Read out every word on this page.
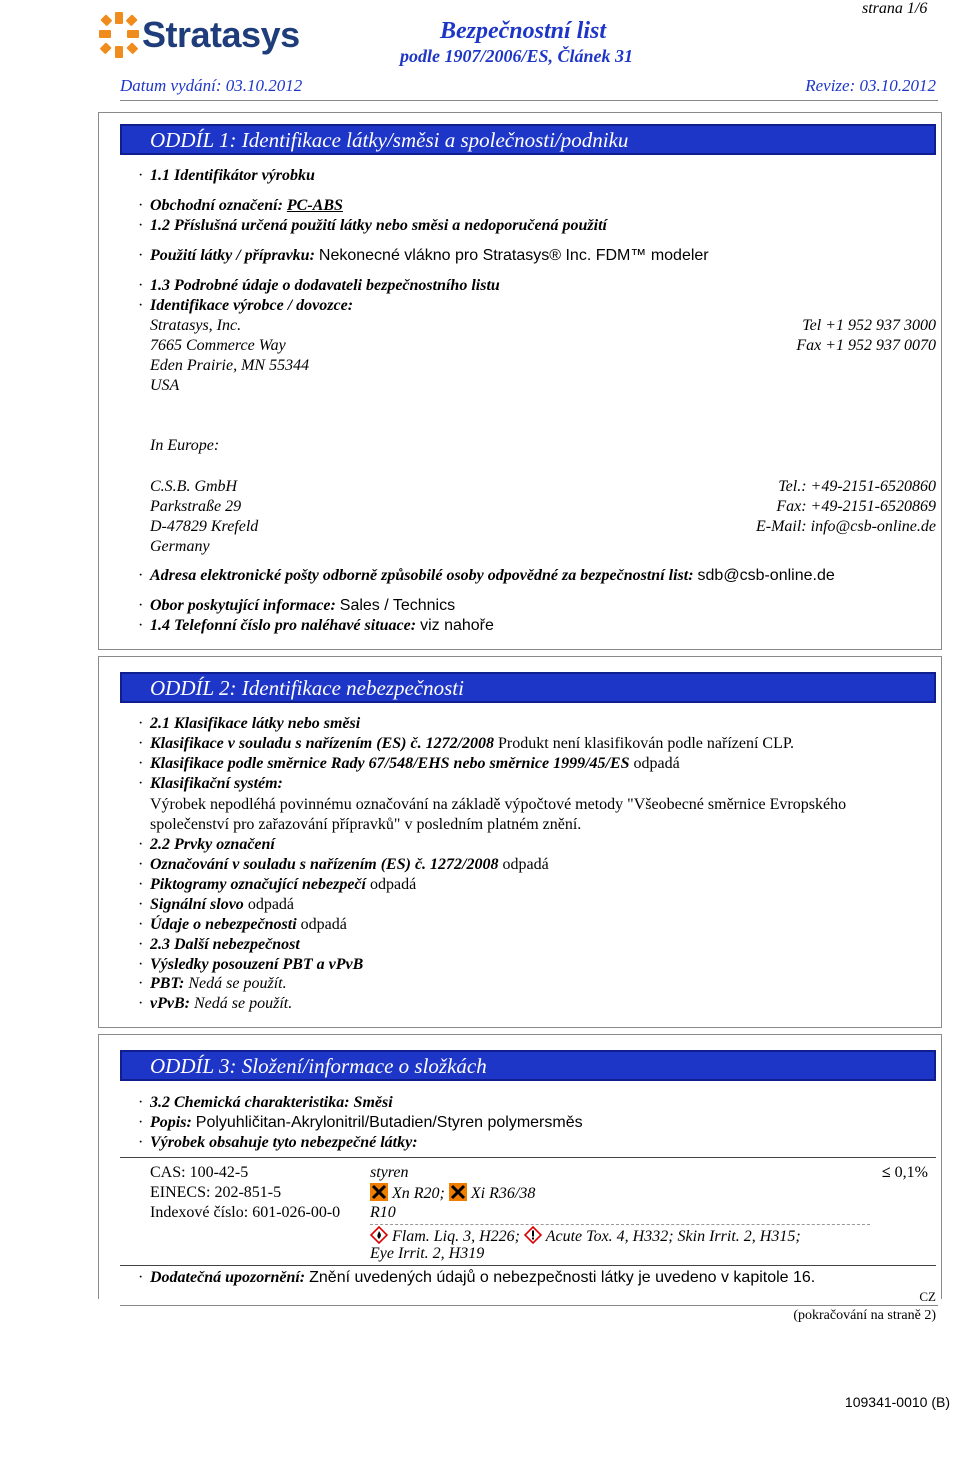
Stratasys
strana 1/6
Bezpečnostní list
podle 1907/2006/ES, Článek 31
Datum vydání: 03.10.2012	Revize: 03.10.2012
ODDÍL 1: Identifikace látky/směsi a společnosti/podniku
· 1.1 Identifikátor výrobku
· Obchodní označení: PC-ABS
· 1.2 Příslušná určená použití látky nebo směsi a nedoporučená použití
· Použití látky / přípravku: Nekonecné vlákno pro Stratasys® Inc. FDM™ modeler
· 1.3 Podrobné údaje o dodavateli bezpečnostního listu
· Identifikace výrobce / dovozce:
Stratasys, Inc.
7665 Commerce Way
Eden Prairie, MN 55344
USA
Tel +1 952 937 3000
Fax +1 952 937 0070
In Europe:
C.S.B. GmbH
Parkstraße 29
D-47829 Krefeld
Germany
Tel.: +49-2151-6520860
Fax: +49-2151-6520869
E-Mail: info@csb-online.de
· Adresa elektronické pošty odborně způsobilé osoby odpovědné za bezpečnostní list: sdb@csb-online.de
· Obor poskytující informace: Sales / Technics
· 1.4 Telefonní číslo pro naléhavé situace: viz nahoře
ODDÍL 2: Identifikace nebezpečnosti
· 2.1 Klasifikace látky nebo směsi
· Klasifikace v souladu s nařízením (ES) č. 1272/2008 Produkt není klasifikován podle nařízení CLP.
· Klasifikace podle směrnice Rady 67/548/EHS nebo směrnice 1999/45/ES odpadá
· Klasifikační systém:
Výrobek nepodléhá povinnému označování na základě výpočtové metody "Všeobecné směrnice Evropského
společenství pro zařazování přípravků" v posledním platném znění.
· 2.2 Prvky označení
· Označování v souladu s nařízením (ES) č. 1272/2008 odpadá
· Piktogramy označující nebezpečí odpadá
· Signální slovo odpadá
· Údaje o nebezpečnosti odpadá
· 2.3 Další nebezpečnost
· Výsledky posouzení PBT a vPvB
· PBT: Nedá se použít.
· vPvB: Nedá se použít.
ODDÍL 3: Složení/informace o složkách
· 3.2 Chemická charakteristika: Směsi
· Popis: Polyuhličitan-Akrylonitril/Butadien/Styren polymersměs
· Výrobek obsahuje tyto nebezpečné látky:
CAS: 100-42-5
EINECS: 202-851-5
Indexové číslo: 601-026-00-0
styren
Xn R20; Xi R36/38
R10
Flam. Liq. 3, H226; Acute Tox. 4, H332; Skin Irrit. 2, H315;
Eye Irrit. 2, H319
≤ 0,1%
· Dodatečná upozornění: Znění uvedených údajů o nebezpečnosti látky je uvedeno v kapitole 16.
CZ
(pokračování na straně 2)
109341-0010 (B)
